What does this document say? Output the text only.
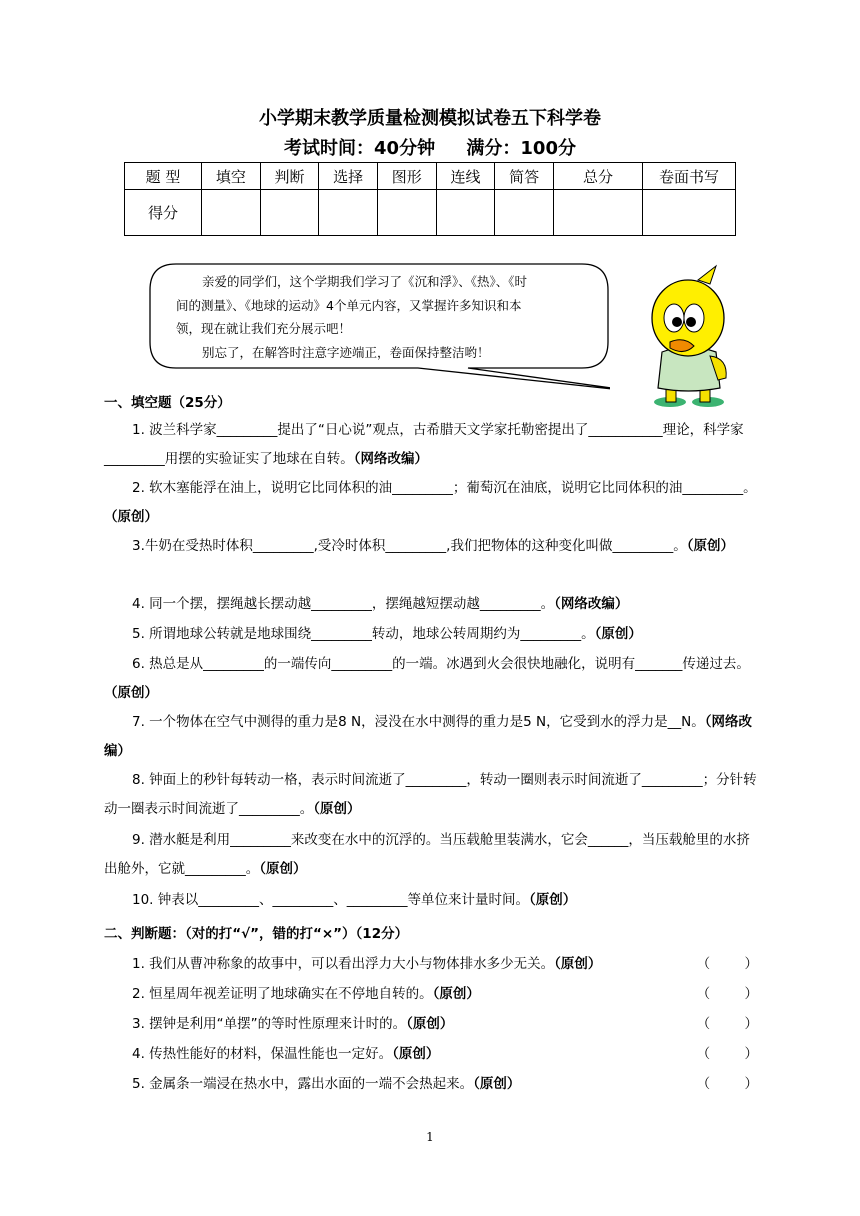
小学期末教学质量检测模拟试卷五下科学卷
考试时间：40分钟     满分：100分
题 型	填空	判断	选择	图形	连线	简答	总分	卷面书写
得分								

亲爱的同学们，这个学期我们学习了《沉和浮》、《热》、《时

间的测量》、《地球的运动》4个单元内容，又掌握许多知识和本

领，现在就让我们充分展示吧！

别忘了，在解答时注意字迹端正，卷面保持整洁哟！

一、填空题（25分）
1. 波兰科学家_________提出了“日心说”观点，古希腊天文学家托勒密提出了___________理论，科学家_________用摆的实验证实了地球在自转。（网络改编）
2. 软木塞能浮在油上，说明它比同体积的油_________；葡萄沉在油底，说明它比同体积的油_________。（原创）
3.牛奶在受热时体积_________,受冷时体积_________,我们把物体的这种变化叫做_________。（原创）
4. 同一个摆，摆绳越长摆动越_________，摆绳越短摆动越_________。（网络改编）
5. 所谓地球公转就是地球围绕_________转动，地球公转周期约为_________。（原创）
6. 热总是从_________的一端传向_________的一端。冰遇到火会很快地融化，说明有_______传递过去。（原创）
7. 一个物体在空气中测得的重力是8 N，浸没在水中测得的重力是5 N，它受到水的浮力是__N。（网络改编）
8. 钟面上的秒针每转动一格，表示时间流逝了_________，转动一圈则表示时间流逝了_________；分针转动一圈表示时间流逝了_________。（原创）
9. 潜水艇是利用_________来改变在水中的沉浮的。当压载舱里装满水，它会______，当压载舱里的水挤出舱外，它就_________。（原创）
10. 钟表以_________、_________、_________等单位来计量时间。（原创）
二、判断题：（对的打“√”，错的打“×”）（12分）
1. 我们从曹冲称象的故事中，可以看出浮力大小与物体排水多少无关。（原创）	（        ）
2. 恒星周年视差证明了地球确实在不停地自转的。（原创）	（        ）
3. 摆钟是利用“单摆”的等时性原理来计时的。（原创）	（        ）
4. 传热性能好的材料，保温性能也一定好。（原创）	（        ）
5. 金属条一端浸在热水中，露出水面的一端不会热起来。（原创）	（        ）
1
